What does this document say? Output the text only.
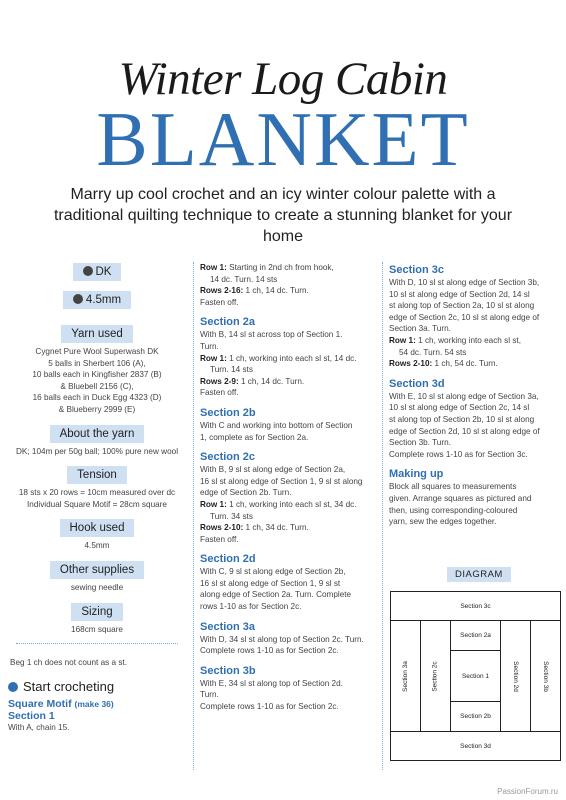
Winter Log Cabin
BLANKET
Marry up cool crochet and an icy winter colour palette with a traditional quilting technique to create a stunning blanket for your home
DK
4.5mm
Yarn used
Cygnet Pure Wool Superwash DK
5 balls in Sherbert 106 (A),
10 balls each in Kingfisher 2837 (B)
& Bluebell 2156 (C),
16 balls each in Duck Egg 4323 (D)
& Blueberry 2999 (E)
About the yarn
DK; 104m per 50g ball; 100% pure new wool
Tension
18 sts x 20 rows = 10cm measured over dc
Individual Square Motif = 28cm square
Hook used
4.5mm
Other supplies
sewing needle
Sizing
168cm square
Beg 1 ch does not count as a st.
Start crocheting
Square Motif (make 36)
Section 1
With A, chain 15.
Row 1: Starting in 2nd ch from hook,
14 dc. Turn. 14 sts
Rows 2-16: 1 ch, 14 dc. Turn.
Fasten off.
Section 2a
With B, 14 sl st across top of Section 1.
Turn.
Row 1: 1 ch, working into each sl st, 14 dc.
Turn. 14 sts
Rows 2-9: 1 ch, 14 dc. Turn.
Fasten off.
Section 2b
With C and working into bottom of Section
1, complete as for Section 2a.
Section 2c
With B, 9 sl st along edge of Section 2a,
16 sl st along edge of Section 1, 9 sl st along
edge of Section 2b. Turn.
Row 1: 1 ch, working into each sl st, 34 dc.
Turn. 34 sts
Rows 2-10: 1 ch, 34 dc. Turn.
Fasten off.
Section 2d
With C, 9 sl st along edge of Section 2b,
16 sl st along edge of Section 1, 9 sl st
along edge of Section 2a. Turn. Complete
rows 1-10 as for Section 2c.
Section 3a
With D, 34 sl st along top of Section 2c. Turn.
Complete rows 1-10 as for Section 2c.
Section 3b
With E, 34 sl st along top of Section 2d.
Turn.
Complete rows 1-10 as for Section 2c.
Section 3c
With D, 10 sl st along edge of Section 3b,
10 sl st along edge of Section 2d, 14 sl
st along top of Section 2a, 10 sl st along
edge of Section 2c, 10 sl st along edge of
Section 3a. Turn.
Row 1: 1 ch, working into each sl st,
54 dc. Turn. 54 sts
Rows 2-10: 1 ch, 54 dc. Turn.
Section 3d
With E, 10 sl st along edge of Section 3a,
10 sl st along edge of Section 2c, 14 sl
st along top of Section 2b, 10 sl st along
edge of Section 2d, 10 sl st along edge of
Section 3b. Turn.
Complete rows 1-10 as for Section 3c.
Making up
Block all squares to measurements
given. Arrange squares as pictured and
then, using corresponding-coloured
yarn, sew the edges together.
DIAGRAM
Section 3c
Section 3d
Section 3a	Section 3b
Section 2c	Section 2d
Section 2a
Section 2b
Section 1
PassionForum.ru
